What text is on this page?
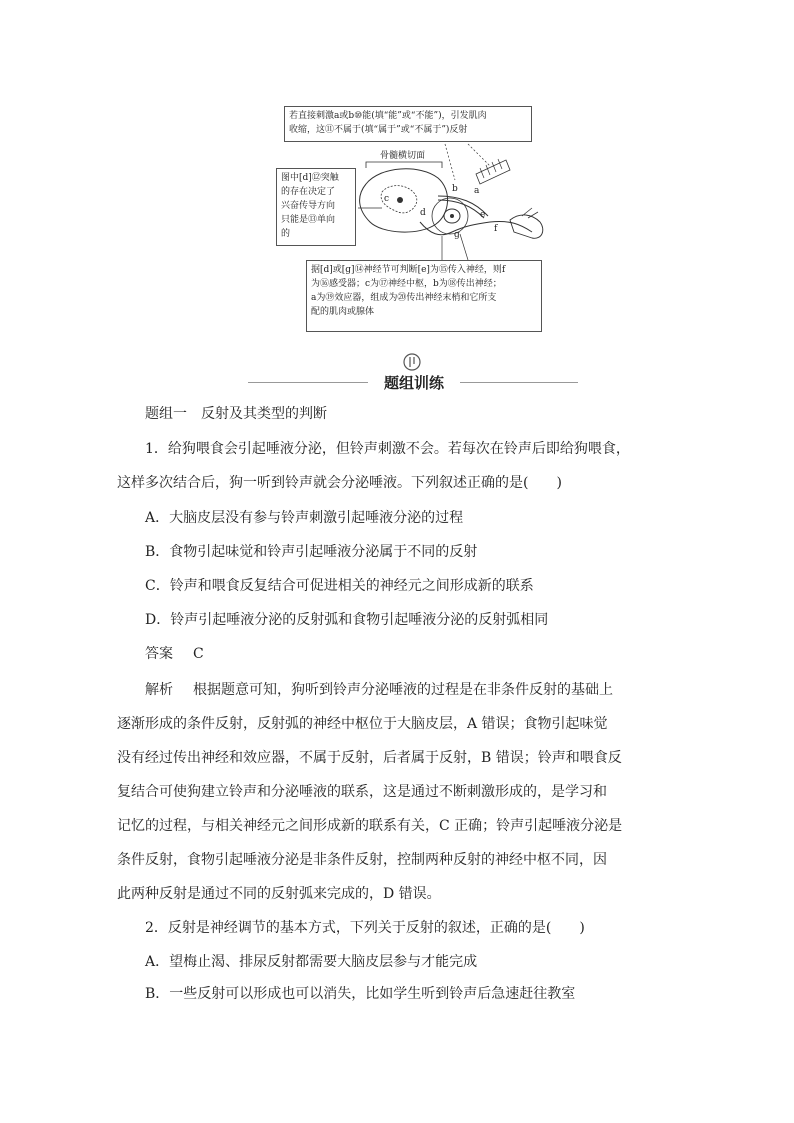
若直接刺激a或b⑩能(填“能”或“不能”)，引发肌肉
收缩，这⑪不属于(填“属于”或“不属于”)反射
骨髓横切面
图中[d]⑫突触
的存在决定了
兴奋传导方向
只能是⑬单向
的
据[d]或[g]⑭神经节可判断[e]为⑮传入神经，则f
为⑯感受器；c为⑰神经中枢，b为⑱传出神经；
a为⑲效应器，组成为⑳传出神经末梢和它所支
配的肌肉或腺体
a
b
c
d	e
f
g
题组训练
题组一　反射及其类型的判断
1．给狗喂食会引起唾液分泌，但铃声刺激不会。若每次在铃声后即给狗喂食，
这样多次结合后，狗一听到铃声就会分泌唾液。下列叙述正确的是(　　)
A．大脑皮层没有参与铃声刺激引起唾液分泌的过程
B．食物引起味觉和铃声引起唾液分泌属于不同的反射
C．铃声和喂食反复结合可促进相关的神经元之间形成新的联系
D．铃声引起唾液分泌的反射弧和食物引起唾液分泌的反射弧相同
答案 C
解析 根据题意可知，狗听到铃声分泌唾液的过程是在非条件反射的基础上
逐渐形成的条件反射，反射弧的神经中枢位于大脑皮层，A 错误；食物引起味觉
没有经过传出神经和效应器，不属于反射，后者属于反射，B 错误；铃声和喂食反
复结合可使狗建立铃声和分泌唾液的联系，这是通过不断刺激形成的，是学习和
记忆的过程，与相关神经元之间形成新的联系有关，C 正确；铃声引起唾液分泌是
条件反射，食物引起唾液分泌是非条件反射，控制两种反射的神经中枢不同，因
此两种反射是通过不同的反射弧来完成的，D 错误。
2．反射是神经调节的基本方式，下列关于反射的叙述，正确的是(　　)
A．望梅止渴、排尿反射都需要大脑皮层参与才能完成
B．一些反射可以形成也可以消失，比如学生听到铃声后急速赶往教室
